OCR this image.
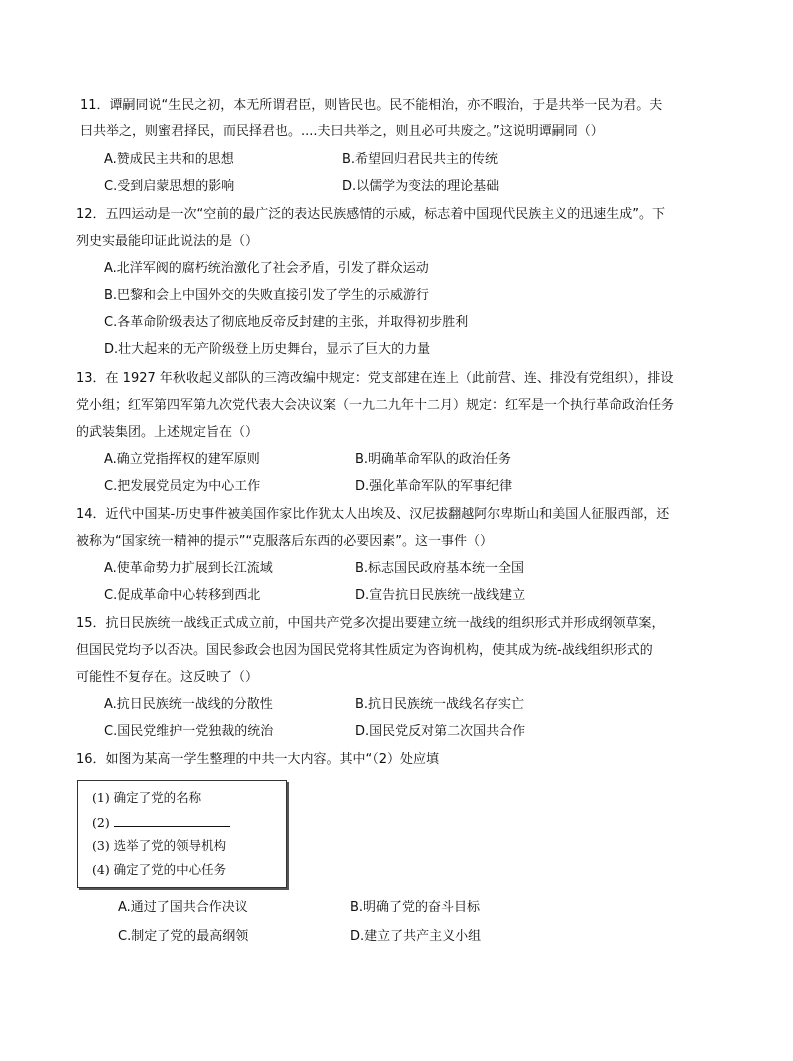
11．谭嗣同说“生民之初，本无所谓君臣，则皆民也。民不能相治，亦不暇治，于是共举一民为君。夫
曰共举之，则蜜君择民，而民择君也。....夫曰共举之，则且必可共废之。”这说明谭嗣同（）
A.赞成民主共和的思想	B.希望回归君民共主的传统
C.受到启蒙思想的影响	D.以儒学为变法的理论基础
12．五四运动是一次“空前的最广泛的表达民族感情的示威，标志着中国现代民族主义的迅速生成”。下
列史实最能印证此说法的是（）
A.北洋军阀的腐朽统治激化了社会矛盾，引发了群众运动
B.巴黎和会上中国外交的失败直接引发了学生的示威游行
C.各革命阶级表达了彻底地反帝反封建的主张，并取得初步胜利
D.壮大起来的无产阶级登上历史舞台，显示了巨大的力量
13．在 1927 年秋收起义部队的三湾改编中规定：党支部建在连上（此前营、连、排没有党组织），排设
党小组；红军第四军第九次党代表大会决议案（一九二九年十二月）规定：红军是一个执行革命政治任务
的武装集团。上述规定旨在（）
A.确立党指挥权的建军原则	B.明确革命军队的政治任务
C.把发展党员定为中心工作	D.强化革命军队的军事纪律
14．近代中国某-历史事件被美国作家比作犹太人出埃及、汉尼拔翻越阿尔卑斯山和美国人征服西部，还
被称为“国家统一精神的提示”“克服落后东西的必要因素”。这一事件（）
A.使革命势力扩展到长江流域	B.标志国民政府基本统一全国
C.促成革命中心转移到西北	D.宣告抗日民族统一战线建立
15．抗日民族统一战线正式成立前，中国共产党多次提出要建立统一战线的组织形式并形成纲领草案，
但国民党均予以否决。国民参政会也因为国民党将其性质定为咨询机构，使其成为统-战线组织形式的
可能性不复存在。这反映了（）
A.抗日民族统一战线的分散性	B.抗日民族统一战线名存实亡
C.国民党维护一党独裁的统治	D.国民党反对第二次国共合作
16．如图为某高一学生整理的中共一大内容。其中“（2）处应填
(1) 确定了党的名称
(2)
(3) 选举了党的领导机构
(4) 确定了党的中心任务
A.通过了国共合作决议	B.明确了党的奋斗目标
C.制定了党的最高纲领	D.建立了共产主义小组
